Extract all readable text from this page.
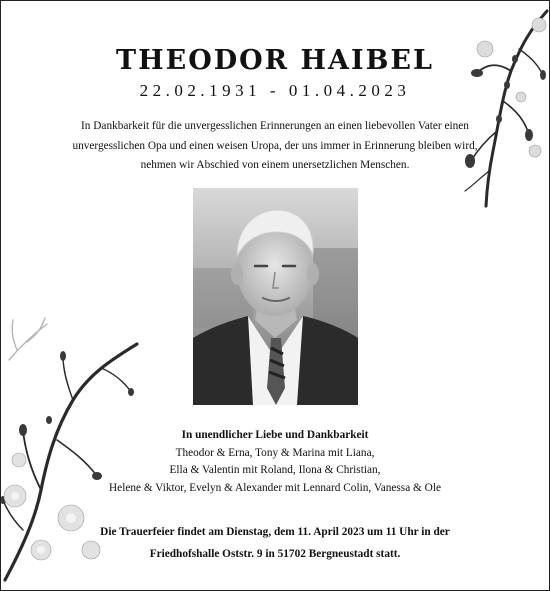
THEODOR HAIBEL
22.02.1931 - 01.04.2023
In Dankbarkeit für die unvergesslichen Erinnerungen an einen liebevollen Vater einen
unvergesslichen Opa und einen weisen Uropa, der uns immer in Erinnerung bleiben wird,
nehmen wir Abschied von einem unersetzlichen Menschen.
In unendlicher Liebe und Dankbarkeit
Theodor & Erna, Tony & Marina mit Liana,
Ella & Valentin mit Roland, Ilona & Christian,
Helene & Viktor, Evelyn & Alexander mit Lennard Colin, Vanessa & Ole
Die Trauerfeier findet am Dienstag, dem 11. April 2023 um 11 Uhr in der
Friedhofshalle Oststr. 9 in 51702 Bergneustadt statt.
